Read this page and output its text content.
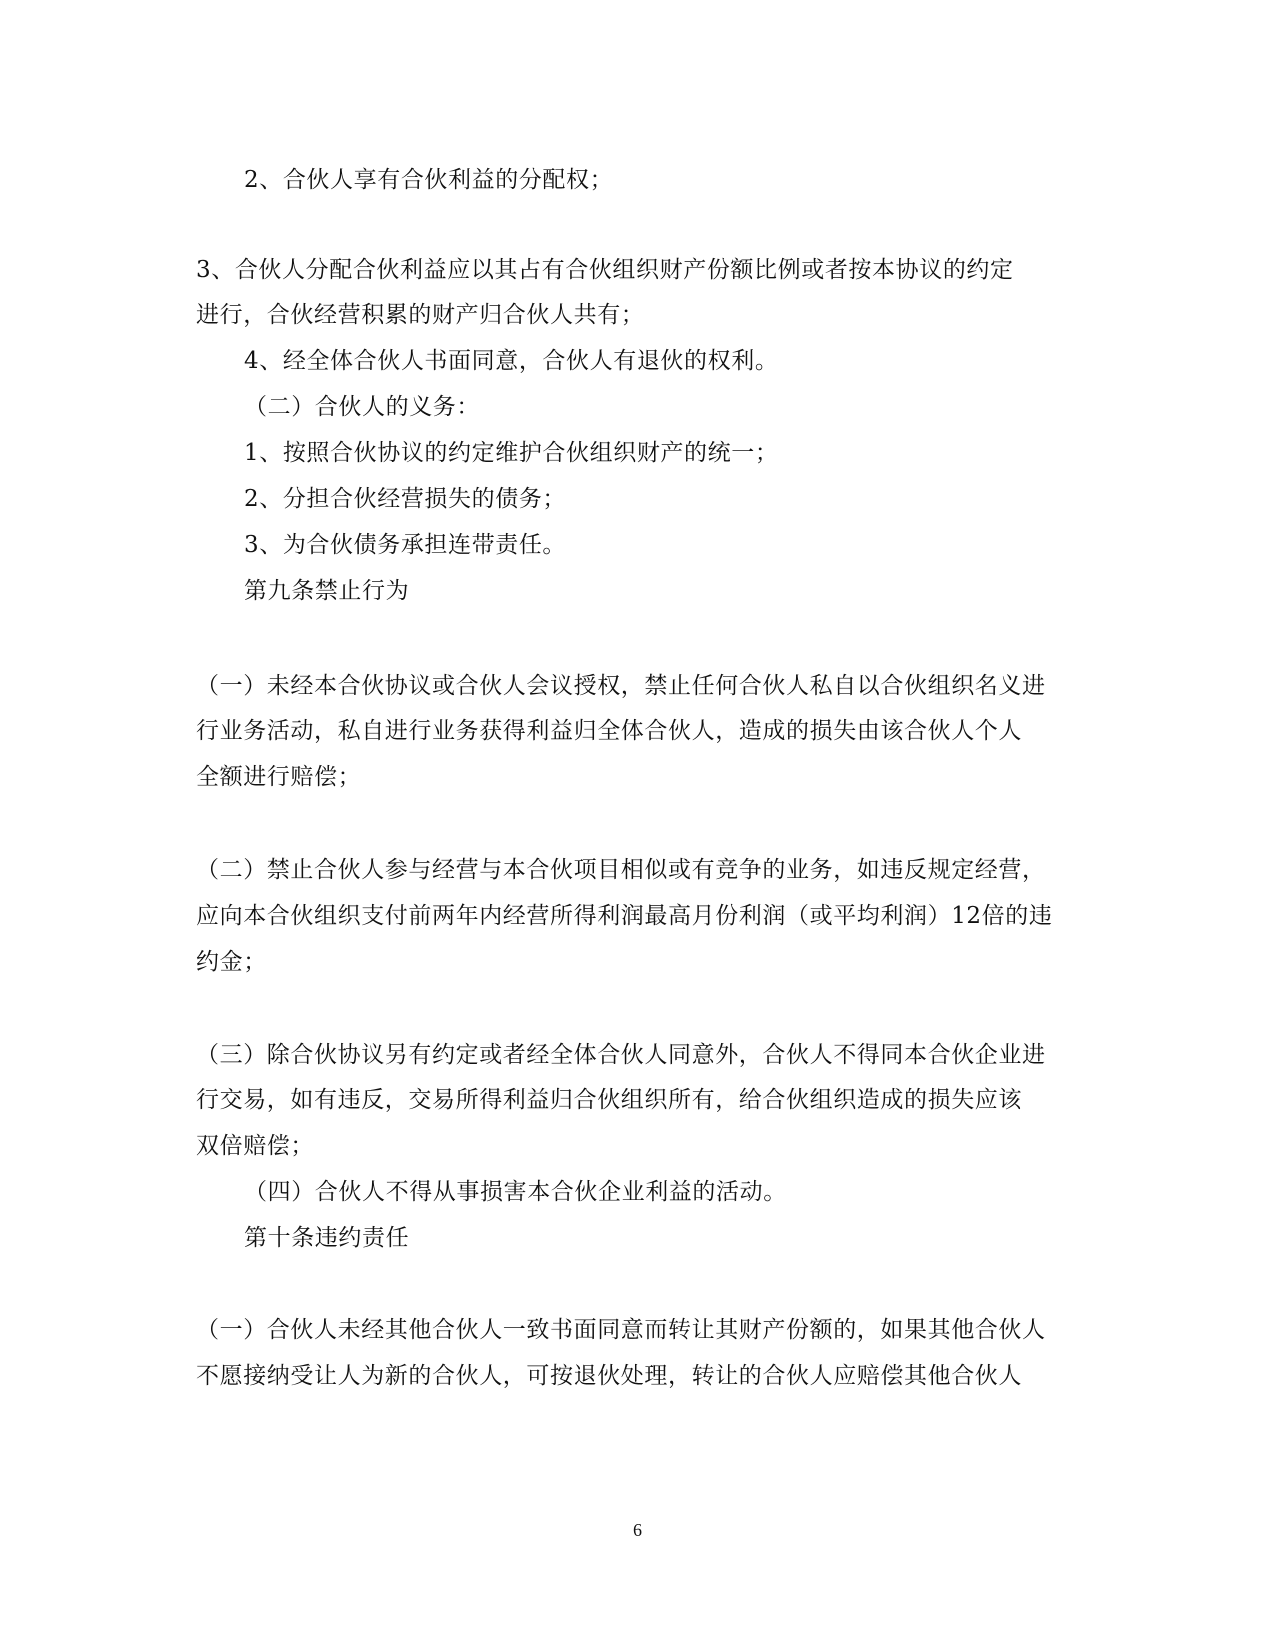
2、合伙人享有合伙利益的分配权；
3、合伙人分配合伙利益应以其占有合伙组织财产份额比例或者按本协议的约定
进行，合伙经营积累的财产归合伙人共有；
4、经全体合伙人书面同意，合伙人有退伙的权利。
（二）合伙人的义务：
1、按照合伙协议的约定维护合伙组织财产的统一；
2、分担合伙经营损失的债务；
3、为合伙债务承担连带责任。
第九条禁止行为
（一）未经本合伙协议或合伙人会议授权，禁止任何合伙人私自以合伙组织名义进
行业务活动，私自进行业务获得利益归全体合伙人，造成的损失由该合伙人个人
全额进行赔偿；
（二）禁止合伙人参与经营与本合伙项目相似或有竞争的业务，如违反规定经营，
应向本合伙组织支付前两年内经营所得利润最高月份利润（或平均利润）12倍的违
约金；
（三）除合伙协议另有约定或者经全体合伙人同意外，合伙人不得同本合伙企业进
行交易，如有违反，交易所得利益归合伙组织所有，给合伙组织造成的损失应该
双倍赔偿；
（四）合伙人不得从事损害本合伙企业利益的活动。
第十条违约责任
（一）合伙人未经其他合伙人一致书面同意而转让其财产份额的，如果其他合伙人
不愿接纳受让人为新的合伙人，可按退伙处理，转让的合伙人应赔偿其他合伙人
6
